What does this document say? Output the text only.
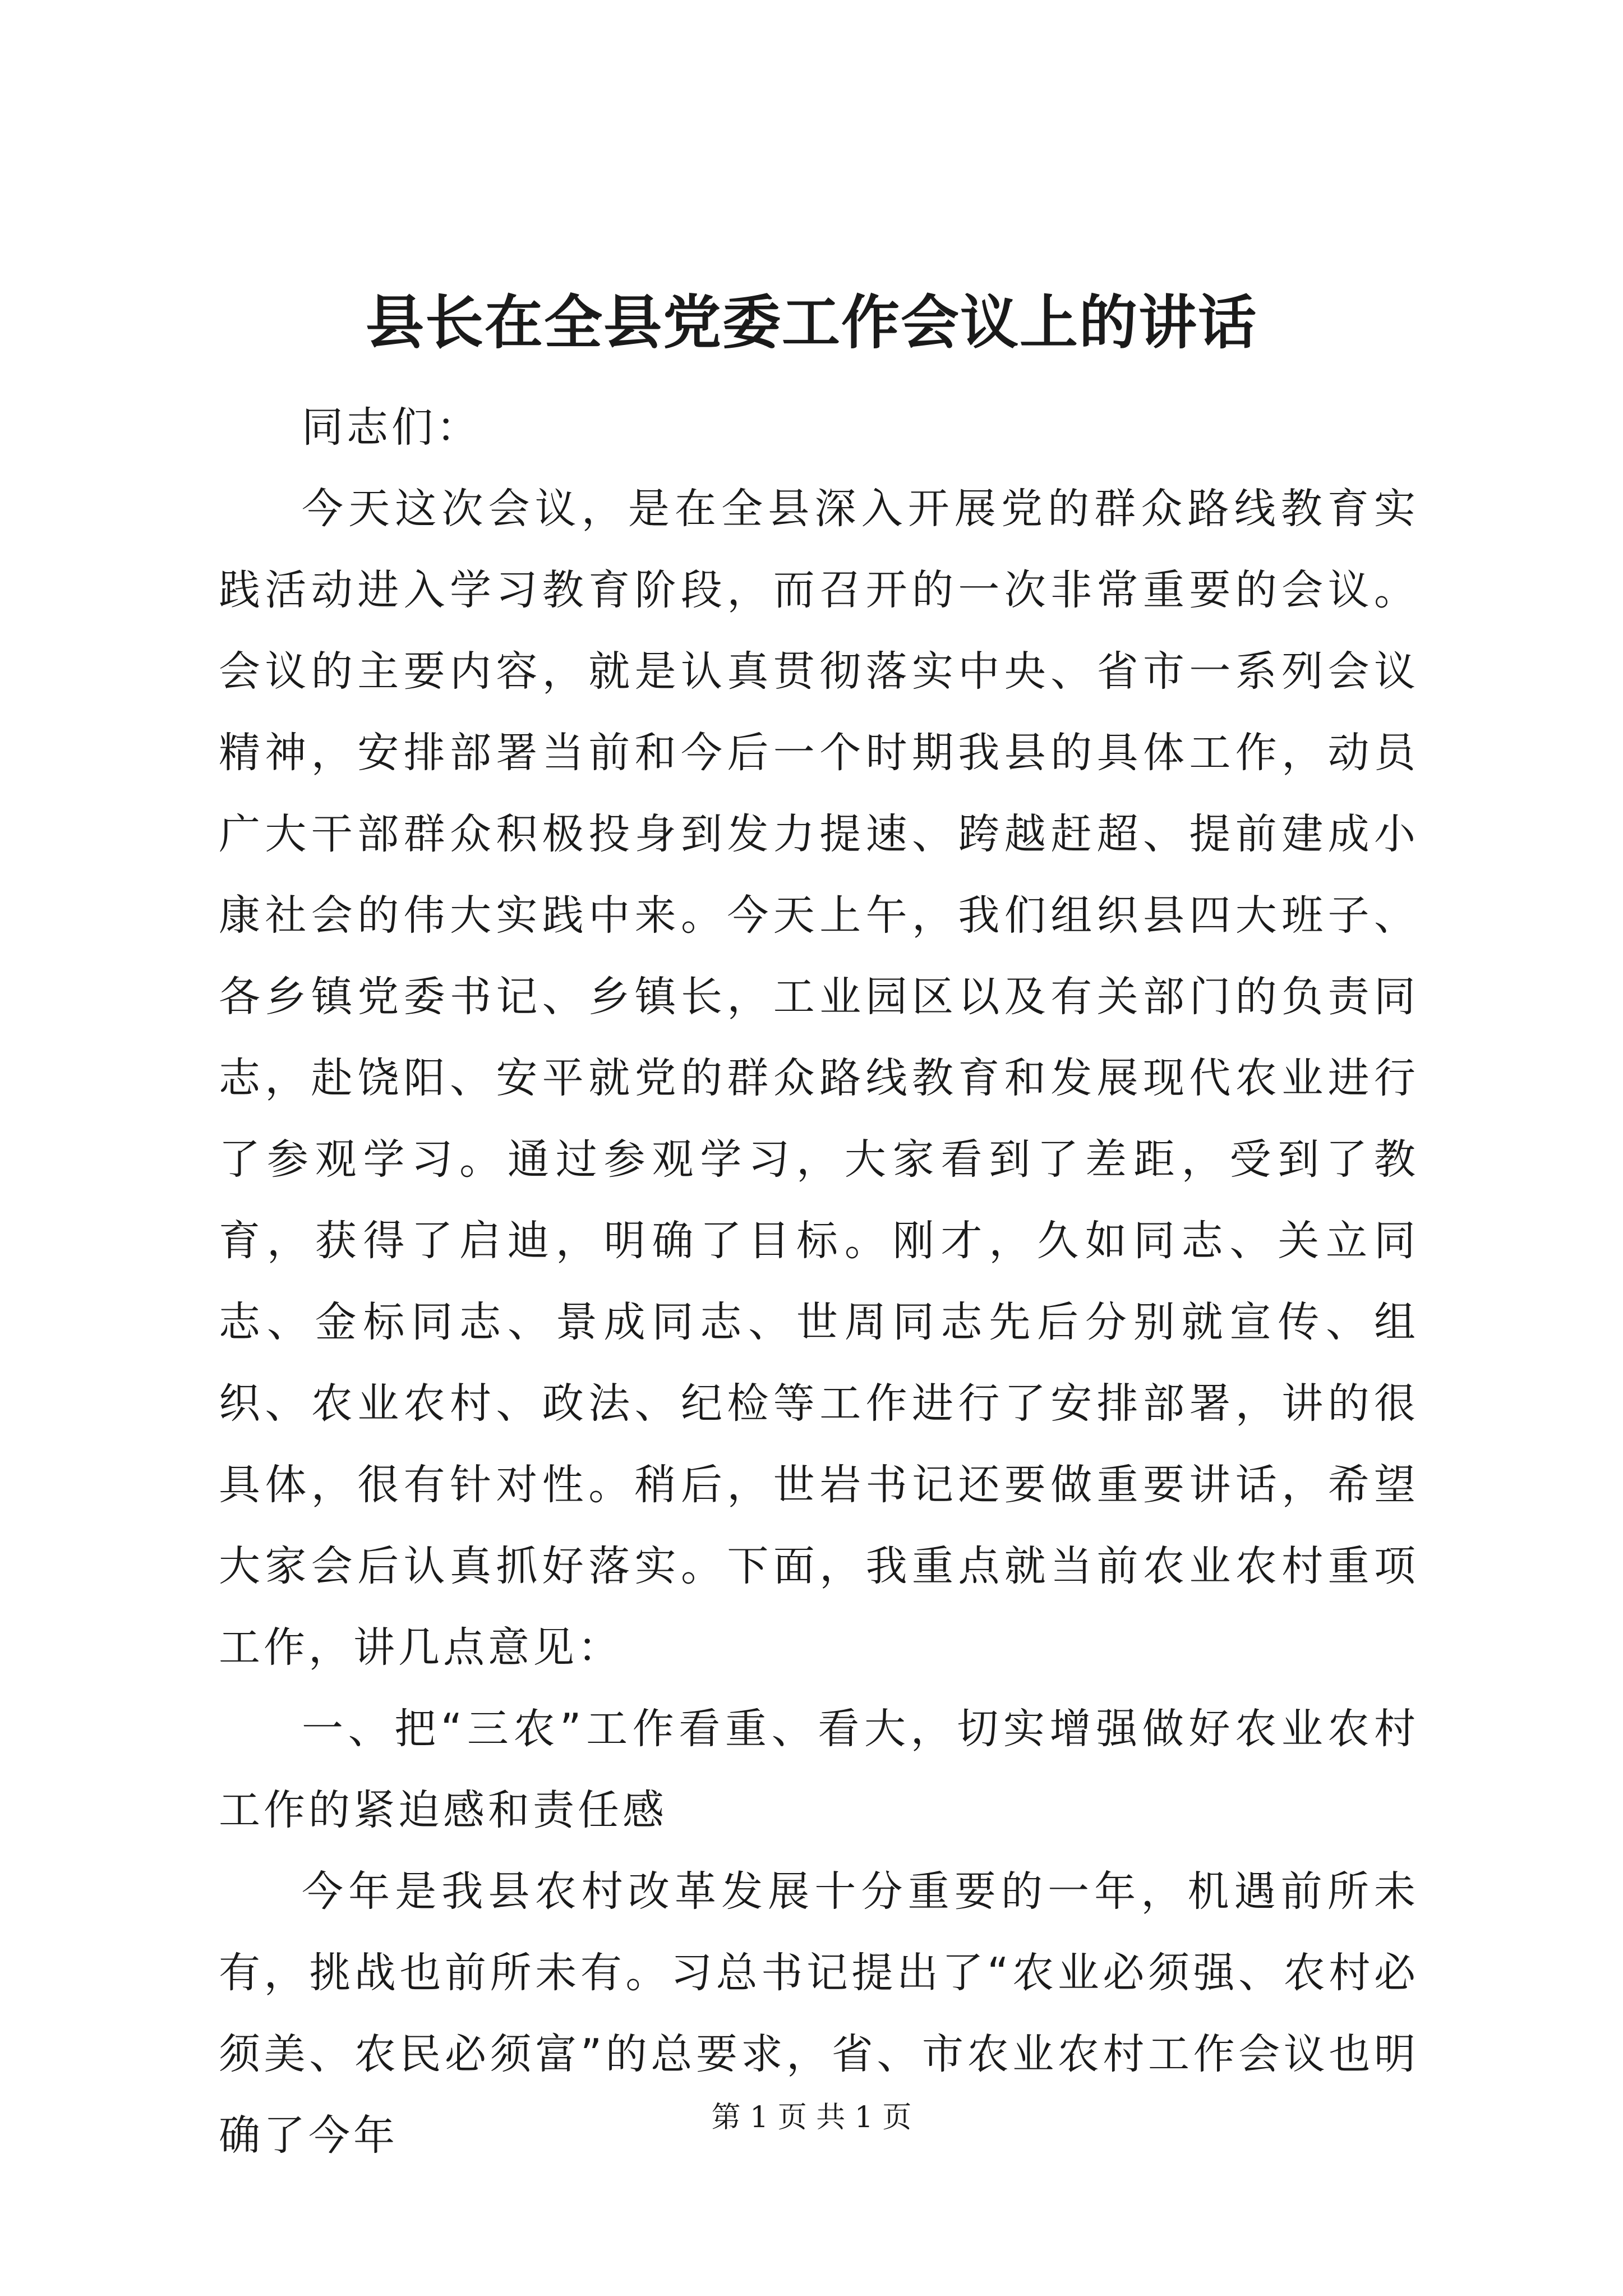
县长在全县党委工作会议上的讲话

同志们：

今天这次会议，是在全县深入开展党的群众路线教育实践活动进入学习教育阶段，而召开的一次非常重要的会议。会议的主要内容，就是认真贯彻落实中央、省市一系列会议精神，安排部署当前和今后一个时期我县的具体工作，动员广大干部群众积极投身到发力提速、跨越赶超、提前建成小康社会的伟大实践中来。今天上午，我们组织县四大班子、各乡镇党委书记、乡镇长，工业园区以及有关部门的负责同志，赴饶阳、安平就党的群众路线教育和发展现代农业进行了参观学习。通过参观学习，大家看到了差距，受到了教育，获得了启迪，明确了目标。刚才，久如同志、关立同志、金标同志、景成同志、世周同志先后分别就宣传、组织、农业农村、政法、纪检等工作进行了安排部署，讲的很具体，很有针对性。稍后，世岩书记还要做重要讲话，希望大家会后认真抓好落实。下面，我重点就当前农业农村重项工作，讲几点意见：

一、把“三农”工作看重、看大，切实增强做好农业农村工作的紧迫感和责任感

今年是我县农村改革发展十分重要的一年，机遇前所未有，挑战也前所未有。习总书记提出了“农业必须强、农村必须美、农民必须富”的总要求，省、市农业农村工作会议也明确了今年	第 1 页 共 1 页
